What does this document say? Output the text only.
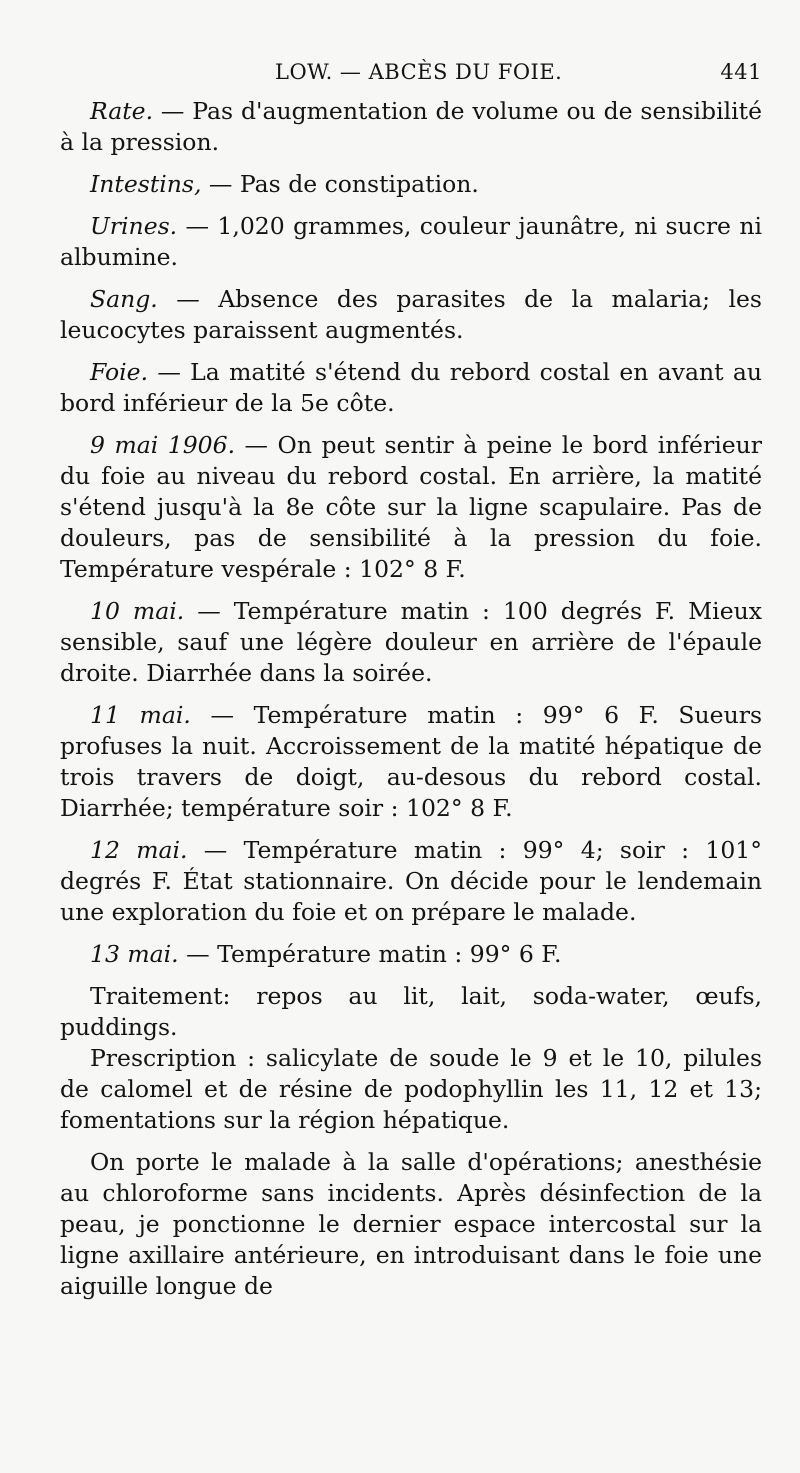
LOW. — ABCÈS DU FOIE.	441

Rate. — Pas d'augmentation de volume ou de sensibilité à la pression.

Intestins, — Pas de constipation.

Urines. — 1,020 grammes, couleur jaunâtre, ni sucre ni albumine.

Sang. — Absence des parasites de la malaria; les leucocytes paraissent augmentés.

Foie. — La matité s'étend du rebord costal en avant au bord inférieur de la 5e côte.

9 mai 1906. — On peut sentir à peine le bord inférieur du foie au niveau du rebord costal. En arrière, la matité s'étend jusqu'à la 8e côte sur la ligne scapulaire. Pas de douleurs, pas de sensibilité à la pression du foie. Température vespérale : 102° 8 F.

10 mai. — Température matin : 100 degrés F. Mieux sensible, sauf une légère douleur en arrière de l'épaule droite. Diarrhée dans la soirée.

11 mai. — Température matin : 99° 6 F. Sueurs profuses la nuit. Accroissement de la matité hépatique de trois travers de doigt, au-desous du rebord costal. Diarrhée; température soir : 102° 8 F.

12 mai. — Température matin : 99° 4; soir : 101° degrés F. État stationnaire. On décide pour le lendemain une exploration du foie et on prépare le malade.

13 mai. — Température matin : 99° 6 F.

Traitement: repos au lit, lait, soda-water, œufs, puddings.

Prescription : salicylate de soude le 9 et le 10, pilules de calomel et de résine de podophyllin les 11, 12 et 13; fomentations sur la région hépatique.

On porte le malade à la salle d'opérations; anesthésie au chloroforme sans incidents. Après désinfection de la peau, je ponctionne le dernier espace intercostal sur la ligne axillaire antérieure, en introduisant dans le foie une aiguille longue de
